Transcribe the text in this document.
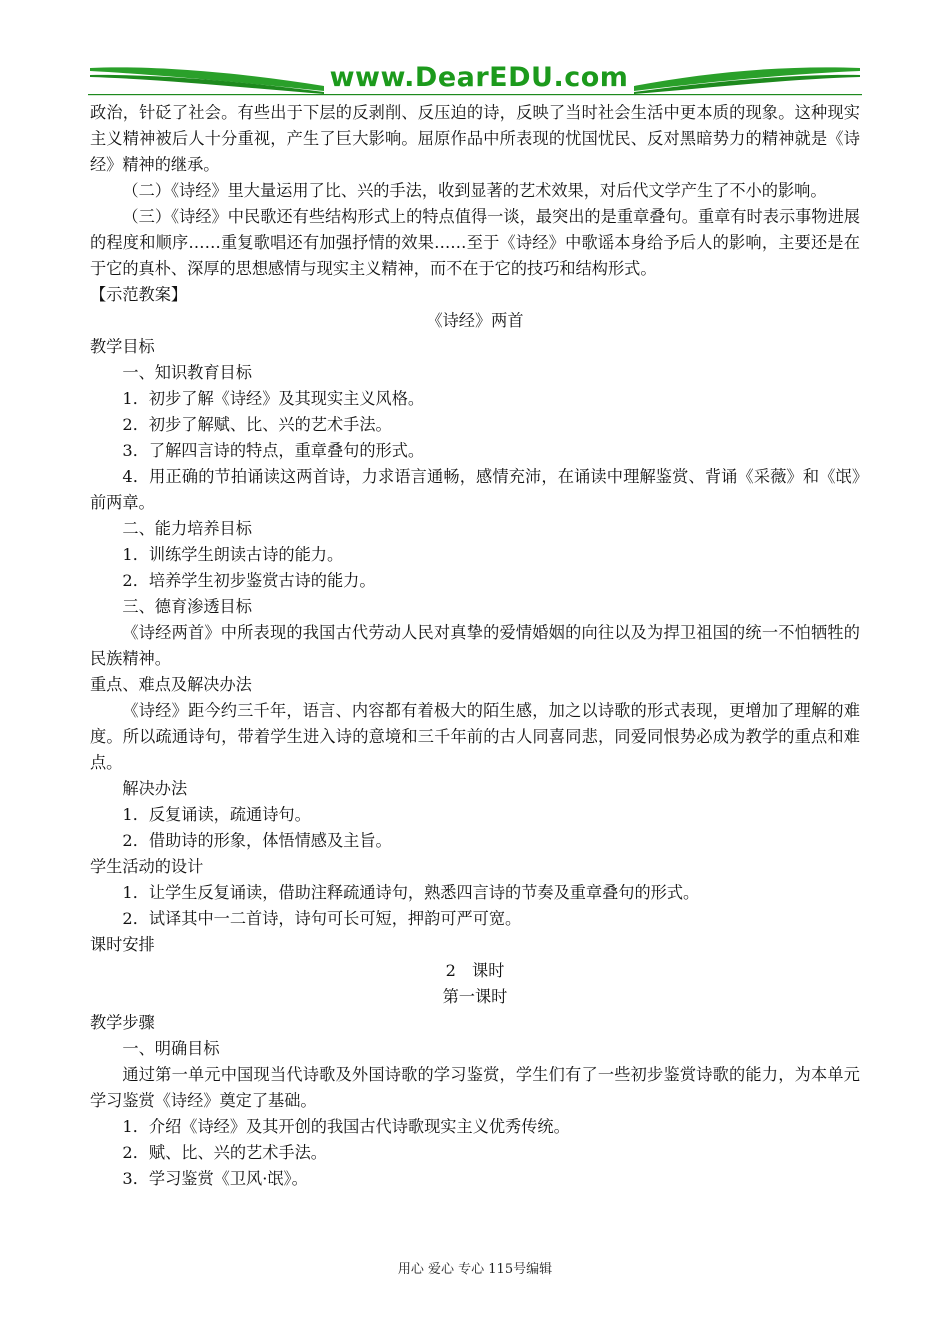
www.DearEDU.com

政治，针砭了社会。有些出于下层的反剥削、反压迫的诗，反映了当时社会生活中更本质的现象。这种现实主义精神被后人十分重视，产生了巨大影响。屈原作品中所表现的忧国忧民、反对黑暗势力的精神就是《诗经》精神的继承。

（二）《诗经》里大量运用了比、兴的手法，收到显著的艺术效果，对后代文学产生了不小的影响。

（三）《诗经》中民歌还有些结构形式上的特点值得一谈，最突出的是重章叠句。重章有时表示事物进展的程度和顺序……重复歌唱还有加强抒情的效果……至于《诗经》中歌谣本身给予后人的影响，主要还是在于它的真朴、深厚的思想感情与现实主义精神，而不在于它的技巧和结构形式。

【示范教案】

《诗经》两首

教学目标

一、知识教育目标

1．初步了解《诗经》及其现实主义风格。

2．初步了解赋、比、兴的艺术手法。

3．了解四言诗的特点，重章叠句的形式。

4．用正确的节拍诵读这两首诗，力求语言通畅，感情充沛，在诵读中理解鉴赏、背诵《采薇》和《氓》前两章。

二、能力培养目标

1．训练学生朗读古诗的能力。

2．培养学生初步鉴赏古诗的能力。

三、德育渗透目标

《诗经两首》中所表现的我国古代劳动人民对真挚的爱情婚姻的向往以及为捍卫祖国的统一不怕牺牲的民族精神。

重点、难点及解决办法

《诗经》距今约三千年，语言、内容都有着极大的陌生感，加之以诗歌的形式表现，更增加了理解的难度。所以疏通诗句，带着学生进入诗的意境和三千年前的古人同喜同悲，同爱同恨势必成为教学的重点和难点。

解决办法

1．反复诵读，疏通诗句。

2．借助诗的形象，体悟情感及主旨。

学生活动的设计

1．让学生反复诵读，借助注释疏通诗句，熟悉四言诗的节奏及重章叠句的形式。

2．试译其中一二首诗，诗句可长可短，押韵可严可宽。

课时安排

2　课时

第一课时

教学步骤

一、明确目标

通过第一单元中国现当代诗歌及外国诗歌的学习鉴赏，学生们有了一些初步鉴赏诗歌的能力，为本单元学习鉴赏《诗经》奠定了基础。

1．介绍《诗经》及其开创的我国古代诗歌现实主义优秀传统。

2．赋、比、兴的艺术手法。

3．学习鉴赏《卫风·氓》。

用心 爱心 专心 115号编辑
